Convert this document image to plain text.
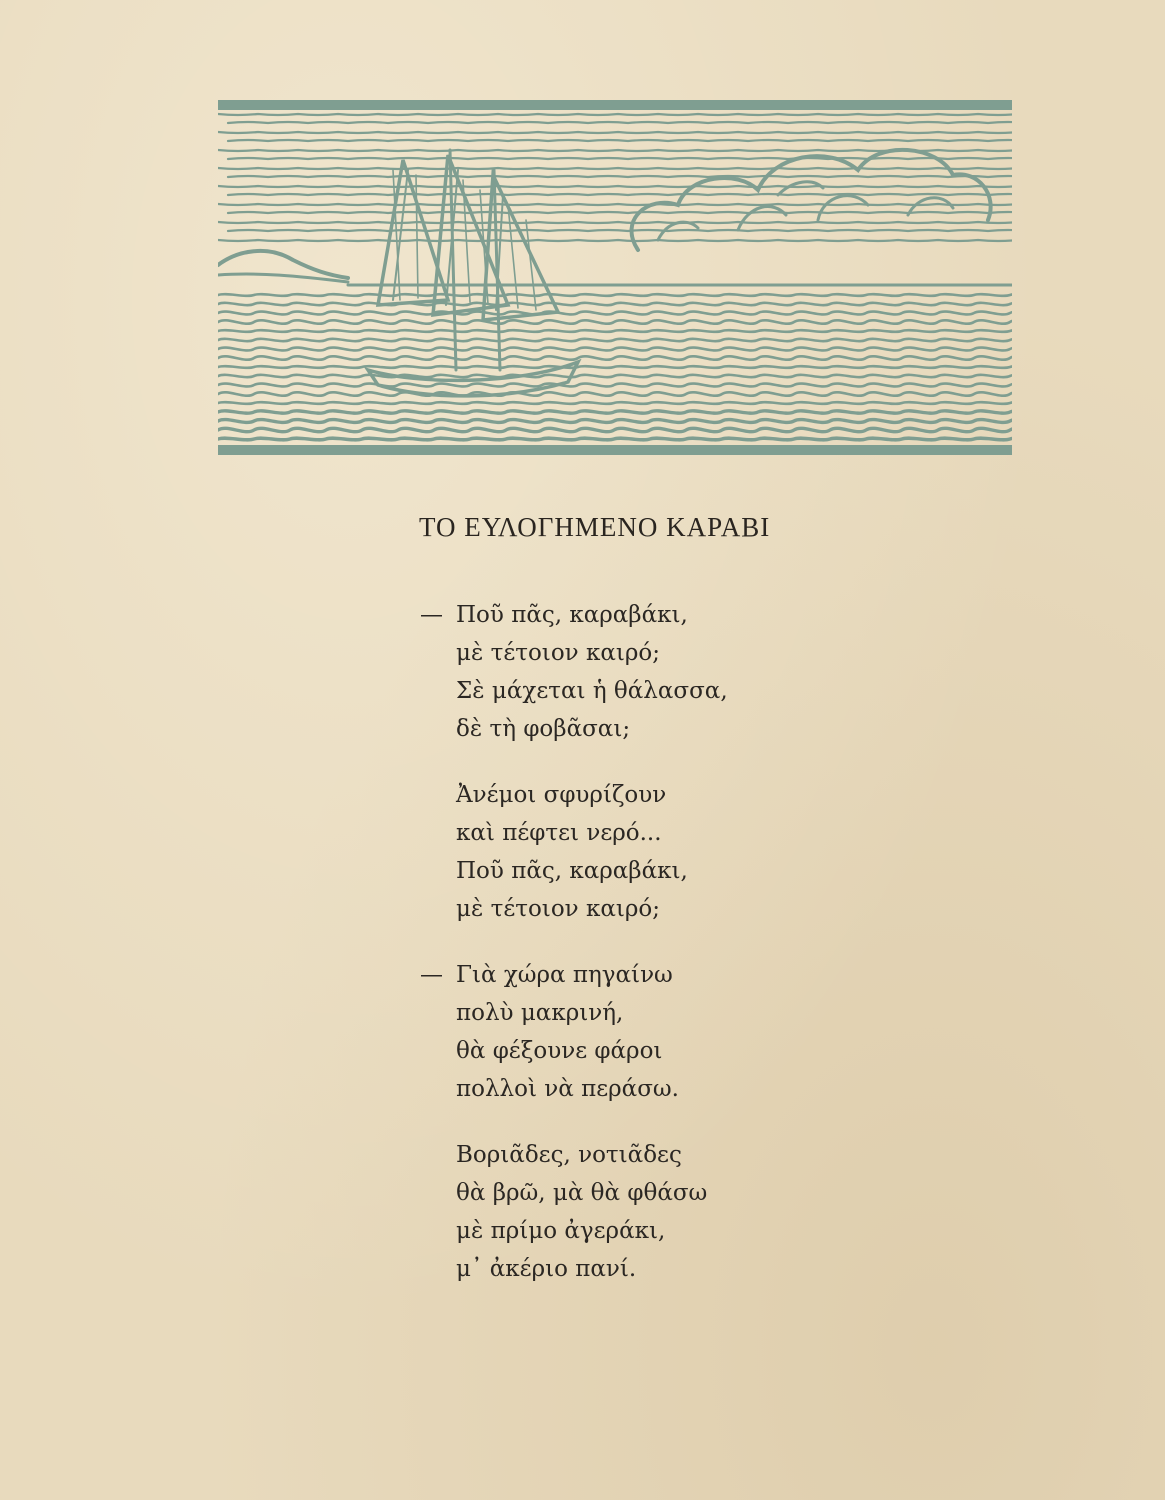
ΤΟ ΕΥΛΟΓΗΜΕΝΟ ΚΑΡΑΒΙ
— Ποῦ πᾶς, καραβάκι,
μὲ τέτοιον καιρό;
Σὲ μάχεται ἡ θάλασσα,
δὲ τὴ φοβᾶσαι;
Ἀνέμοι σφυρίζουν
καὶ πέφτει νερό...
Ποῦ πᾶς, καραβάκι,
μὲ τέτοιον καιρό;
— Γιὰ χώρα πηγαίνω
πολὺ μακρινή,
θὰ φέξουνε φάροι
πολλοὶ νὰ περάσω.
Βοριᾶδες, νοτιᾶδες
θὰ βρῶ, μὰ θὰ φθάσω
μὲ πρίμο ἀγεράκι,
μ᾽ ἀκέριο πανί.
